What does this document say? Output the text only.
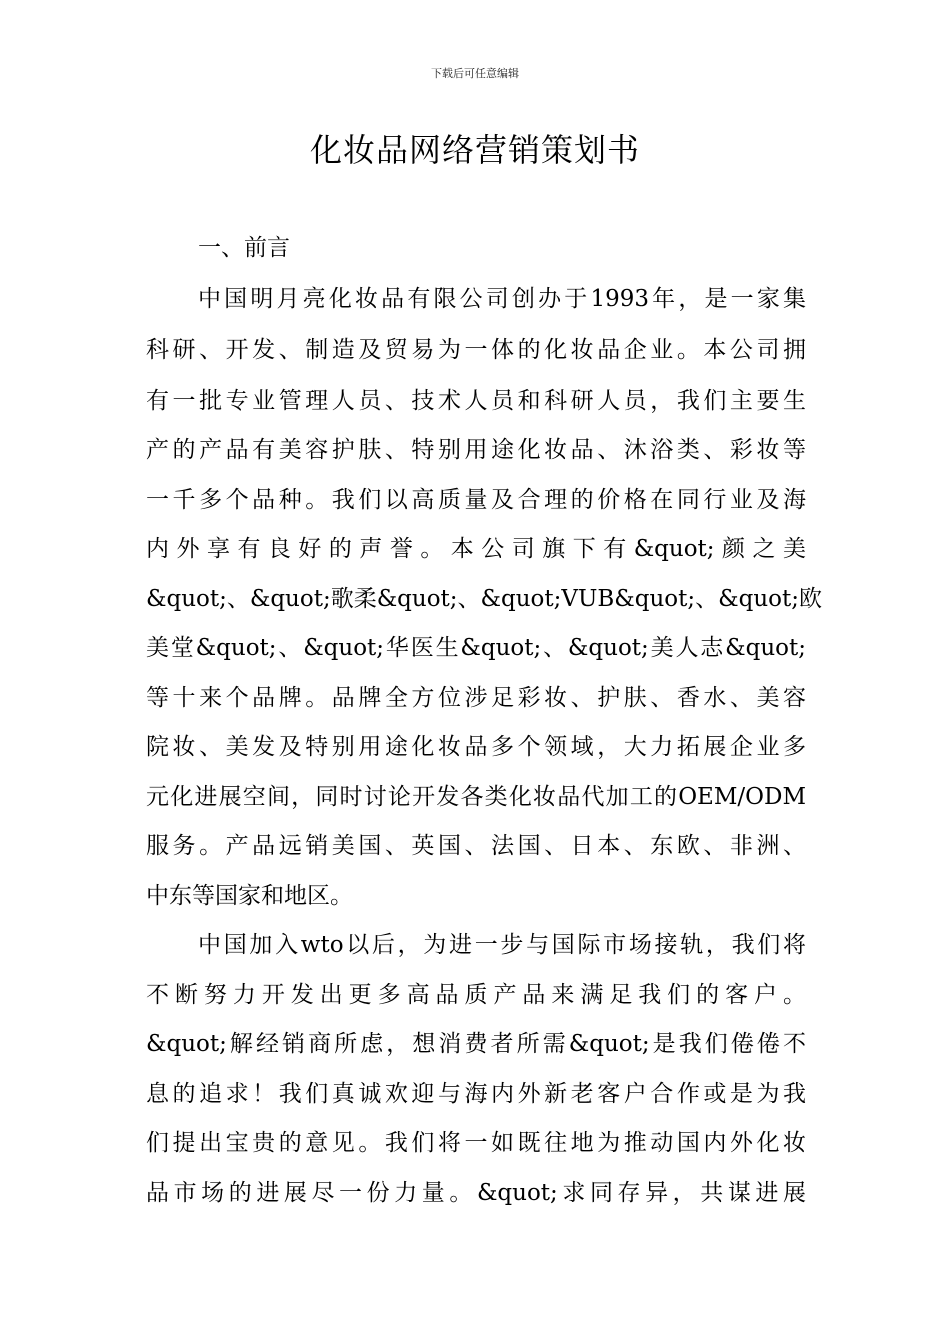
下载后可任意编辑
化妆品网络营销策划书
一、前言
中国明月亮化妆品有限公司创办于1993年，是一家集
科研、开发、制造及贸易为一体的化妆品企业。本公司拥
有一批专业管理人员、技术人员和科研人员，我们主要生
产的产品有美容护肤、特别用途化妆品、沐浴类、彩妆等
一千多个品种。我们以高质量及合理的价格在同行业及海
内外享有良好的声誉。本公司旗下有&quot;颜之美
&quot;、&quot;歌柔&quot;、&quot;VUB&quot;、&quot;欧
美堂&quot;、&quot;华医生&quot;、&quot;美人志&quot;
等十来个品牌。品牌全方位涉足彩妆、护肤、香水、美容
院妆、美发及特别用途化妆品多个领域，大力拓展企业多
元化进展空间，同时讨论开发各类化妆品代加工的OEM/ODM
服务。产品远销美国、英国、法国、日本、东欧、非洲、
中东等国家和地区。
中国加入wto以后，为进一步与国际市场接轨，我们将
不断努力开发出更多高品质产品来满足我们的客户。
&quot;解经销商所虑，想消费者所需&quot;是我们倦倦不
息的追求！我们真诚欢迎与海内外新老客户合作或是为我
们提出宝贵的意见。我们将一如既往地为推动国内外化妆
品市场的进展尽一份力量。&quot;求同存异，共谋进展
